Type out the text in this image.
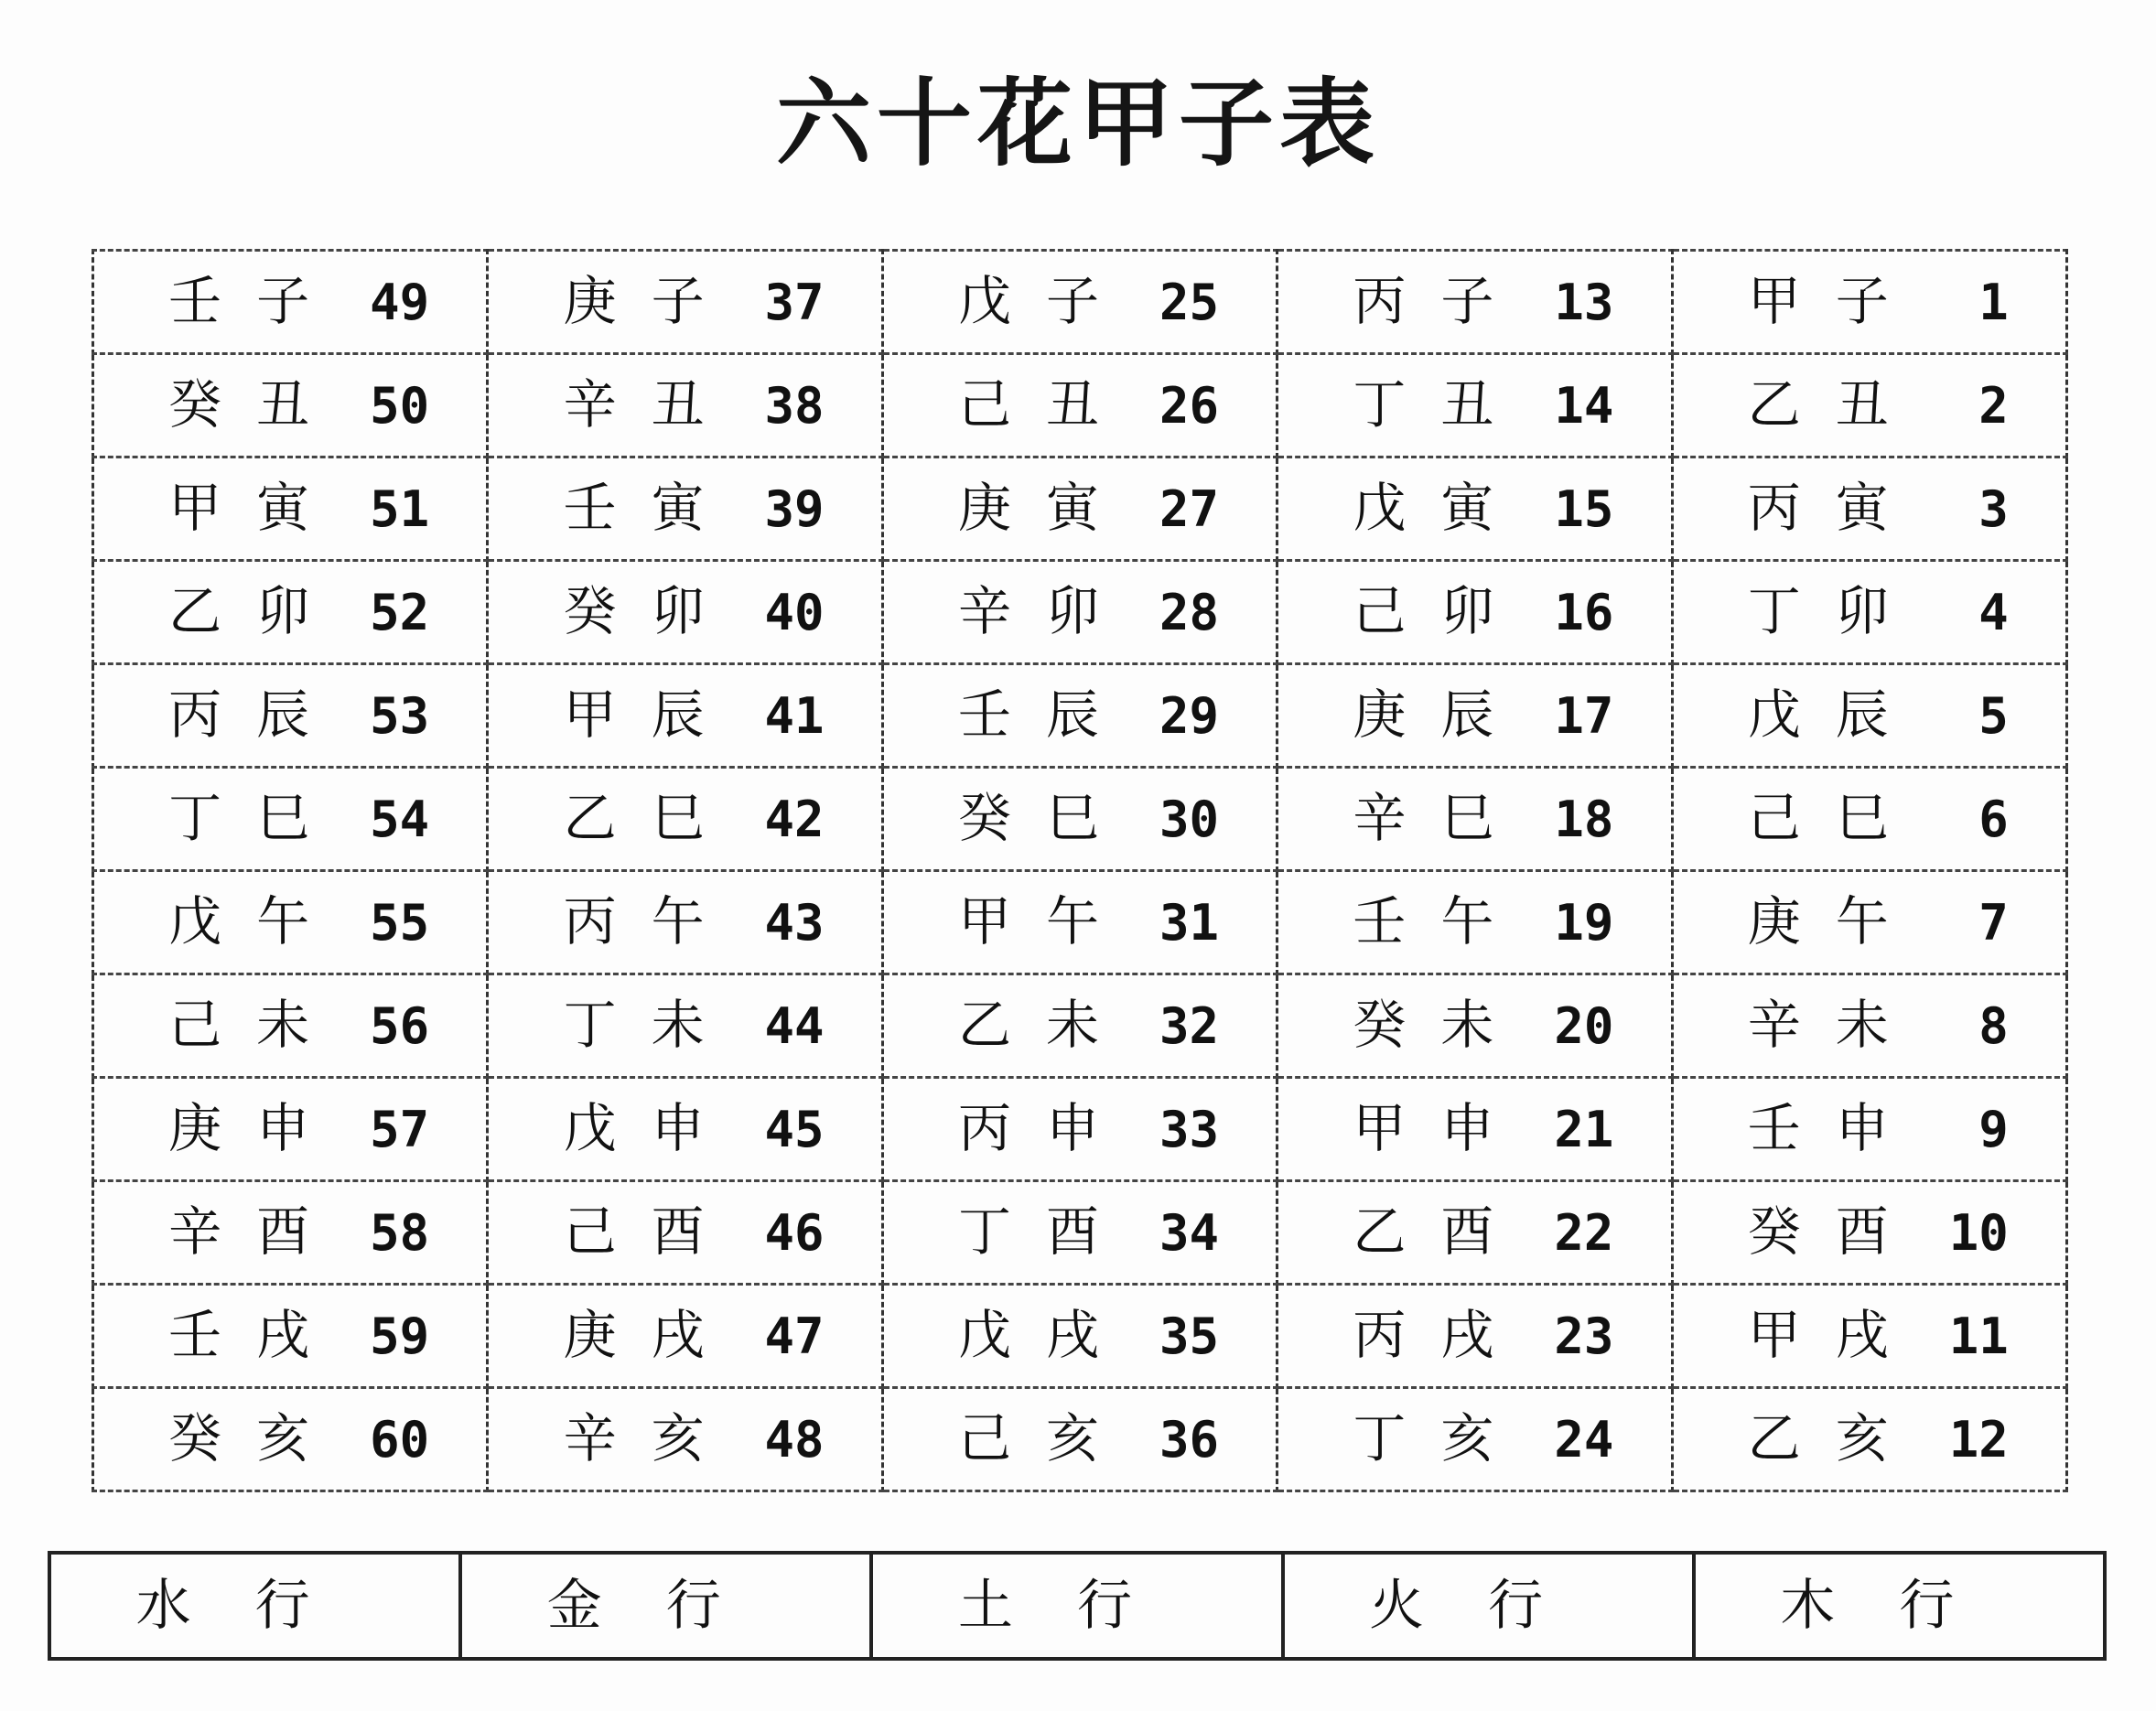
六十花甲子表
壬 子 49	庚 子 37	戊 子 25	丙 子 13	甲 子 1
癸 丑 50	辛 丑 38	己 丑 26	丁 丑 14	乙 丑 2
甲 寅 51	壬 寅 39	庚 寅 27	戊 寅 15	丙 寅 3
乙 卯 52	癸 卯 40	辛 卯 28	己 卯 16	丁 卯 4
丙 辰 53	甲 辰 41	壬 辰 29	庚 辰 17	戊 辰 5
丁 巳 54	乙 巳 42	癸 巳 30	辛 巳 18	己 巳 6
戊 午 55	丙 午 43	甲 午 31	壬 午 19	庚 午 7
己 未 56	丁 未 44	乙 未 32	癸 未 20	辛 未 8
庚 申 57	戊 申 45	丙 申 33	甲 申 21	壬 申 9
辛 酉 58	己 酉 46	丁 酉 34	乙 酉 22	癸 酉 10
壬 戌 59	庚 戌 47	戊 戌 35	丙 戌 23	甲 戌 11
癸 亥 60	辛 亥 48	己 亥 36	丁 亥 24	乙 亥 12
水行	金行	土行	火行	木行
